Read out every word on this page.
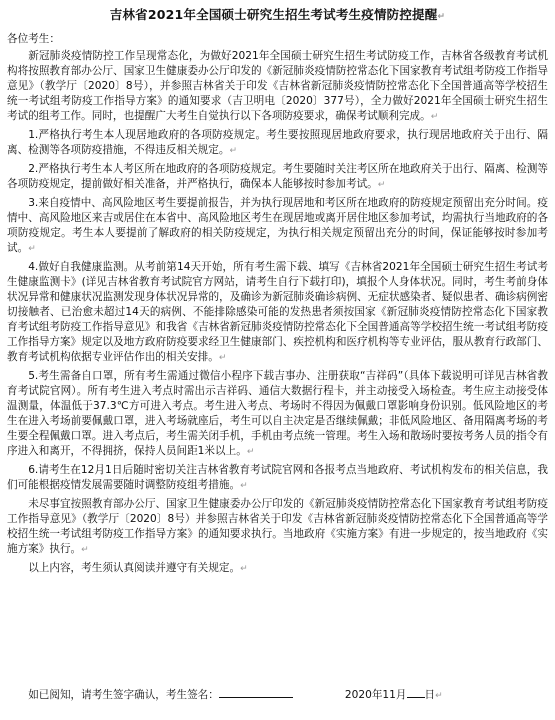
吉林省2021年全国硕士研究生招生考试考生疫情防控提醒↵
各位考生：

新冠肺炎疫情防控工作呈现常态化，为做好2021年全国硕士研究生招生考试防疫工作，吉林省各级教育考试机构将按照教育部办公厅、国家卫生健康委办公厅印发的《新冠肺炎疫情防控常态化下国家教育考试组考防疫工作指导意见》（教学厅〔2020〕8号），并参照吉林省关于印发《吉林省新冠肺炎疫情防控常态化下全国普通高等学校招生统一考试组考防疫工作指导方案》的通知要求（吉卫明电〔2020〕377号），全力做好2021年全国硕士研究生招生考试的组考工作。同时，也提醒广大考生自觉执行以下各项防疫要求，确保考试顺利完成。↵

1.严格执行考生本人现居地政府的各项防疫规定。考生要按照现居地政府要求，执行现居地政府关于出行、隔离、检测等各项防疫措施，不得违反相关规定。↵

2.严格执行考生本人考区所在地政府的各项防疫规定。考生要随时关注考区所在地政府关于出行、隔离、检测等各项防疫规定，提前做好相关准备，并严格执行，确保本人能够按时参加考试。↵

3.来自疫情中、高风险地区考生要提前报告，并为执行现居地和考区所在地政府的防疫规定预留出充分时间。疫情中、高风险地区来吉或居住在本省中、高风险地区考生在现居地或离开居住地区参加考试，均需执行当地政府的各项防疫规定。考生本人要提前了解政府的相关防疫规定，为执行相关规定预留出充分的时间，保证能够按时参加考试。↵

4.做好自我健康监测。从考前第14天开始，所有考生需下载、填写《吉林省2021年全国硕士研究生招生考试考生健康监测卡》(详见吉林省教育考试院官方网站，请考生自行下载打印)，填报个人身体状况。同时，考生考前身体状况异常和健康状况监测发现身体状况异常的，及确诊为新冠肺炎确诊病例、无症状感染者、疑似患者、确诊病例密切接触者、已治愈未超过14天的病例、不能排除感染可能的发热患者须按国家《新冠肺炎疫情防控常态化下国家教育考试组考防疫工作指导意见》和我省《吉林省新冠肺炎疫情防控常态化下全国普通高等学校招生统一考试组考防疫工作指导方案》规定以及地方政府防疫要求经卫生健康部门、疾控机构和医疗机构等专业评估，服从教育行政部门、教育考试机构依据专业评估作出的相关安排。↵

5.考生需备自口罩，所有考生需通过微信小程序下载吉事办、注册获取“吉祥码”（具体下载说明可详见吉林省教育考试院官网）。所有考生进入考点时需出示吉祥码、通信大数据行程卡，并主动接受入场检查。考生应主动接受体温测量，体温低于37.3℃方可进入考点。考生进入考点、考场时不得因为佩戴口罩影响身份识别。低风险地区的考生在进入考场前要佩戴口罩，进入考场就座后，考生可以自主决定是否继续佩戴；非低风险地区、备用隔离考场的考生要全程佩戴口罩。进入考点后，考生需关闭手机，手机由考点统一管理。考生入场和散场时要按考务人员的指令有序进入和离开，不得拥挤，保持人员间距1米以上。↵

6.请考生在12月1日后随时密切关注吉林省教育考试院官网和各报考点当地政府、考试机构发布的相关信息，我们可能根据疫情发展需要随时调整防疫组考措施。↵

未尽事宜按照教育部办公厅、国家卫生健康委办公厅印发的《新冠肺炎疫情防控常态化下国家教育考试组考防疫工作指导意见》（教学厅〔2020〕8号）并参照吉林省关于印发《吉林省新冠肺炎疫情防控常态化下全国普通高等学校招生统一考试组考防疫工作指导方案》的通知要求执行。当地政府《实施方案》有进一步规定的，按当地政府《实施方案》执行。↵

以上内容，考生须认真阅读并遵守有关规定。↵

如已阅知，请考生签字确认，考生签名：	2020年11月 日↵
